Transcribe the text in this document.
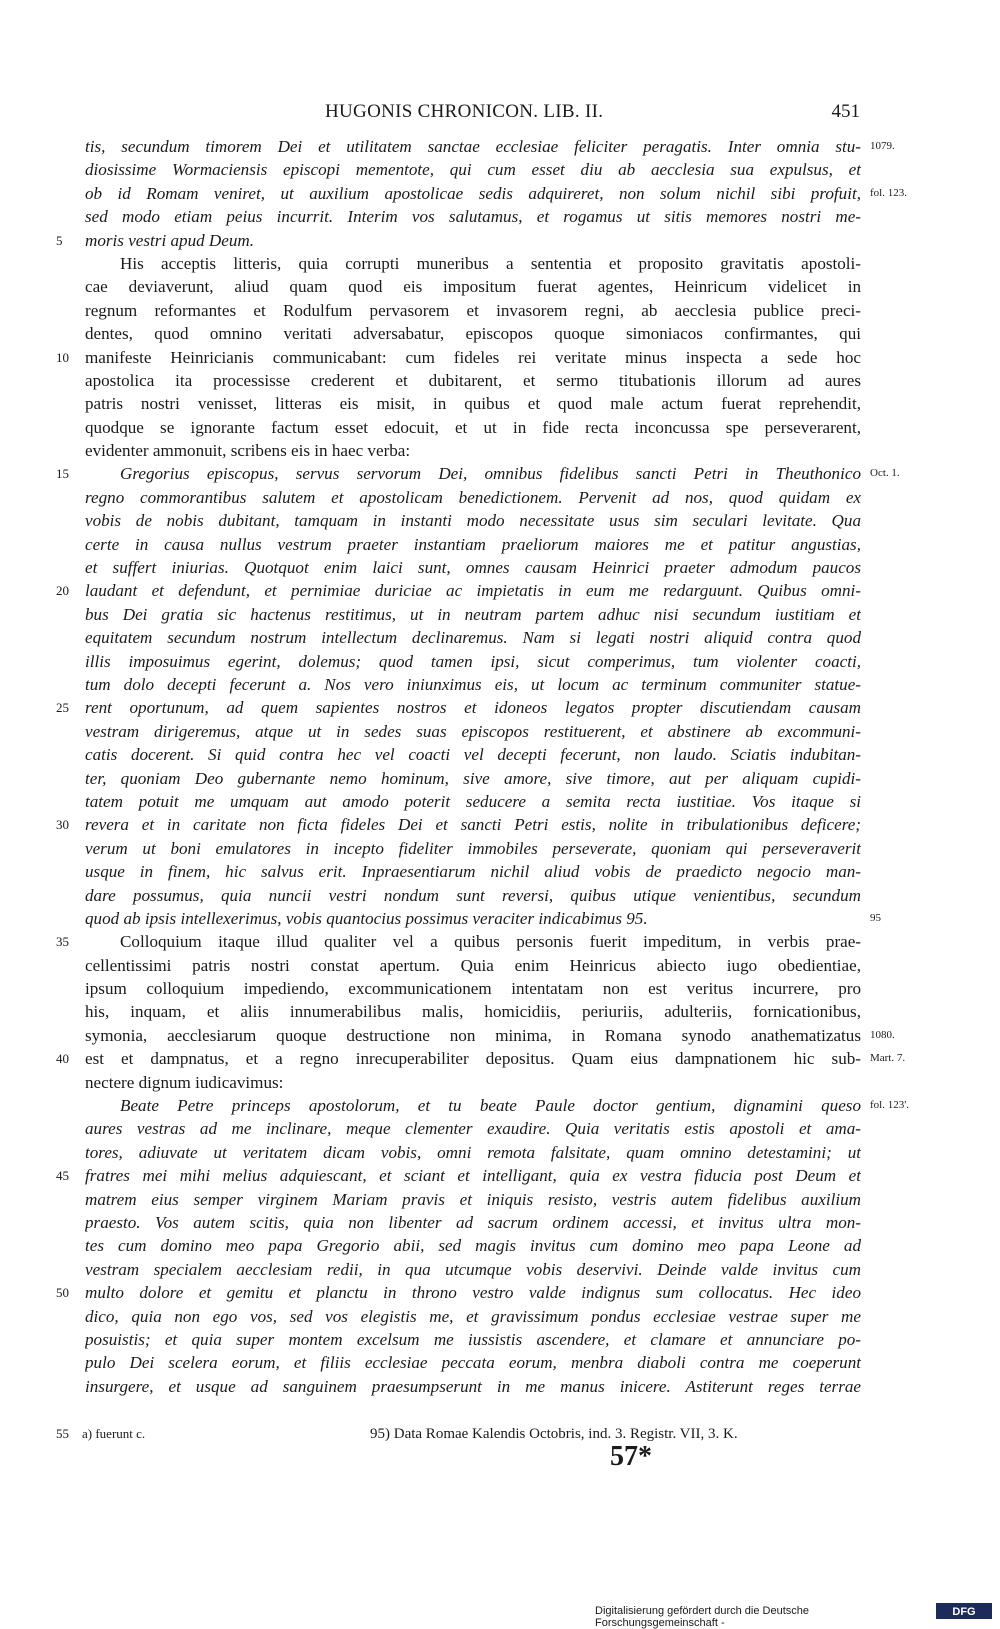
HUGONIS CHRONICON. LIB. II.	451
tis, secundum timorem Dei et utilitatem sanctae ecclesiae feliciter peragatis. Inter omnia stu- 1079.
diosissime Wormaciensis episcopi mementote, qui cum esset diu ab aecclesia sua expulsus, et
ob id Romam veniret, ut auxilium apostolicae sedis adquireret, non solum nichil sibi profuit, fol. 123.
sed modo etiam peius incurrit. Interim vos salutamus, et rogamus ut sitis memores nostri me-
5	moris vestri apud Deum.
His acceptis litteris, quia corrupti muneribus a sententia et proposito gravitatis apostoli-
cae deviaverunt, aliud quam quod eis impositum fuerat agentes, Heinricum videlicet in
regnum reformantes et Rodulfum pervasorem et invasorem regni, ab aecclesia publice preci-
dentes, quod omnino veritati adversabatur, episcopos quoque simoniacos confirmantes, qui
10 manifeste Heinricianis communicabant: cum fideles rei veritate minus inspecta a sede hoc
apostolica ita processisse crederent et dubitarent, et sermo titubationis illorum ad aures
patris nostri venisset, litteras eis misit, in quibus et quod male actum fuerat reprehendit,
quodque se ignorante factum esset edocuit, et ut in fide recta inconcussa spe perseverarent,
evidenter ammonuit, scribens eis in haec verba:
15	Gregorius episcopus, servus servorum Dei, omnibus fidelibus sancti Petri in Theuthonico Oct. 1.
regno commorantibus salutem et apostolicam benedictionem. Pervenit ad nos, quod quidam ex
vobis de nobis dubitant, tamquam in instanti modo necessitate usus sim seculari levitate. Qua
certe in causa nullus vestrum praeter instantiam praeliorum maiores me et patitur angustias,
et suffert iniurias. Quotquot enim laici sunt, omnes causam Heinrici praeter admodum paucos
20 laudant et defendunt, et pernimiae duriciae ac impietatis in eum me redarguunt. Quibus omni-
bus Dei gratia sic hactenus restitimus, ut in neutram partem adhuc nisi secundum iustitiam et
equitatem secundum nostrum intellectum declinaremus. Nam si legati nostri aliquid contra quod
illis imposuimus egerint, dolemus; quod tamen ipsi, sicut comperimus, tum violenter coacti,
tum dolo decepti fecerunt a. Nos vero iniunximus eis, ut locum ac terminum communiter statue-
25 rent oportunum, ad quem sapientes nostros et idoneos legatos propter discutiendam causam
vestram dirigeremus, atque ut in sedes suas episcopos restituerent, et abstinere ab excommuni-
catis docerent. Si quid contra hec vel coacti vel decepti fecerunt, non laudo. Sciatis indubitan-
ter, quoniam Deo gubernante nemo hominum, sive amore, sive timore, aut per aliquam cupidi-
tatem potuit me umquam aut amodo poterit seducere a semita recta iustitiae. Vos itaque si
30 revera et in caritate non ficta fideles Dei et sancti Petri estis, nolite in tribulationibus deficere;
verum ut boni emulatores in incepto fideliter immobiles perseverate, quoniam qui perseveraverit
usque in finem, hic salvus erit. Inpraesentiarum nichil aliud vobis de praedicto negocio man-
dare possumus, quia nuncii vestri nondum sunt reversi, quibus utique venientibus, secundum
quod ab ipsis intellexerimus, vobis quantocius possimus veraciter indicabimus 95.	95
35	Colloquium itaque illud qualiter vel a quibus personis fuerit impeditum, in verbis prae-
cellentissimi patris nostri constat apertum. Quia enim Heinricus abiecto iugo obedientiae,
ipsum colloquium impediendo, excommunicationem intentatam non est veritus incurrere, pro
his, inquam, et aliis innumerabilibus malis, homicidiis, periuriis, adulteriis, fornicationibus,
symonia, aecclesiarum quoque destructione non minima, in Romana synodo anathematizatus 1080.
40 est et dampnatus, et a regno inrecuperabiliter depositus. Quam eius dampnationem hic sub- Mart. 7.
nectere dignum iudicavimus:
Beate Petre princeps apostolorum, et tu beate Paule doctor gentium, dignamini queso fol. 123'.
aures vestras ad me inclinare, meque clementer exaudire. Quia veritatis estis apostoli et ama-
tores, adiuvate ut veritatem dicam vobis, omni remota falsitate, quam omnino detestamini; ut
45 fratres mei mihi melius adquiescant, et sciant et intelligant, quia ex vestra fiducia post Deum et
matrem eius semper virginem Mariam pravis et iniquis resisto, vestris autem fidelibus auxilium
praesto. Vos autem scitis, quia non libenter ad sacrum ordinem accessi, et invitus ultra mon-
tes cum domino meo papa Gregorio abii, sed magis invitus cum domino meo papa Leone ad
vestram specialem aecclesiam redii, in qua utcumque vobis deservivi. Deinde valde invitus cum
50 multo dolore et gemitu et planctu in throno vestro valde indignus sum collocatus. Hec ideo
dico, quia non ego vos, sed vos elegistis me, et gravissimum pondus ecclesiae vestrae super me
posuistis; et quia super montem excelsum me iussistis ascendere, et clamare et annunciare po-
pulo Dei scelera eorum, et filiis ecclesiae peccata eorum, menbra diaboli contra me coeperunt
insurgere, et usque ad sanguinem praesumpserunt in me manus inicere. Astiterunt reges terrae
55 a) fuerunt c.	95) Data Romae Kalendis Octobris, ind. 3. Registr. VII, 3. K.
57*
Digitalisierung gefördert durch die Deutsche Forschungsgemeinschaft -
DFG
